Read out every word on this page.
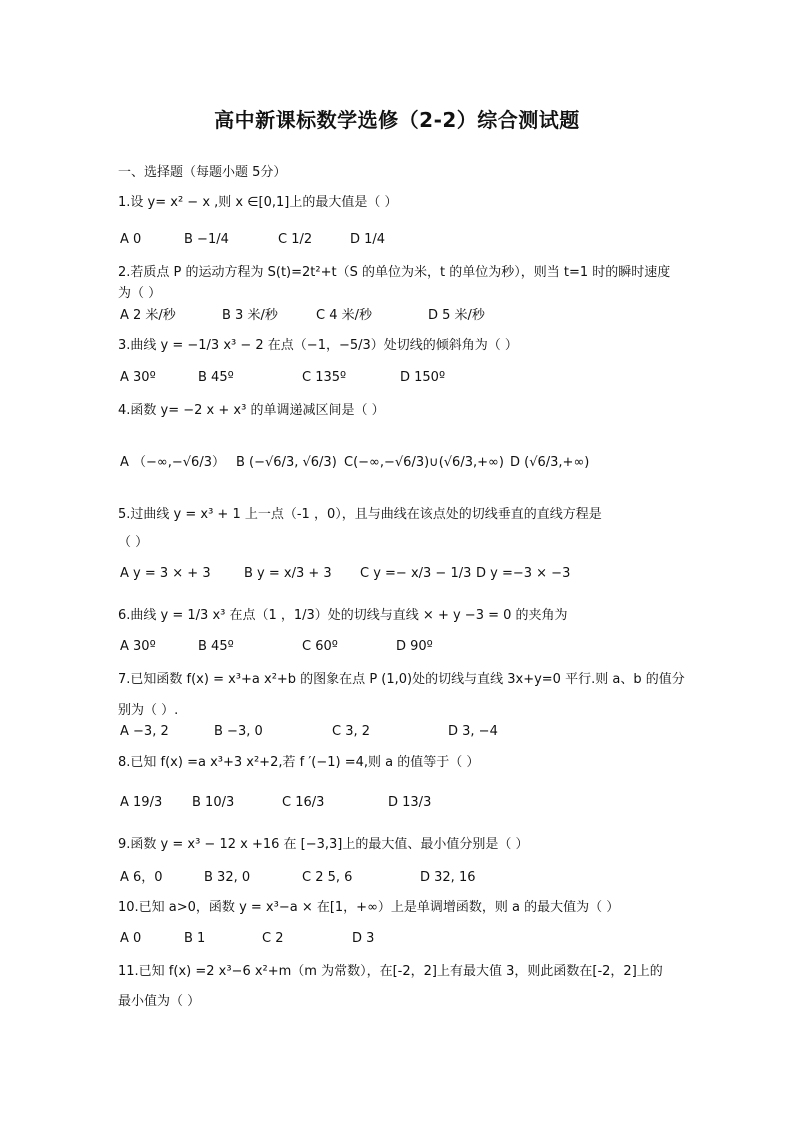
高中新课标数学选修（2-2）综合测试题
一、选择题（每题小题 5分）
1.设 y= x² − x ,则 x ∈[0,1]上的最大值是（ ）
A 0	B −1/4	C 1/2	D 1/4
2.若质点 P 的运动方程为 S(t)=2t²+t（S 的单位为米，t 的单位为秒），则当 t=1 时的瞬时速度
为（ ）
A 2 米/秒	B 3 米/秒	C 4 米/秒	D 5 米/秒
3.曲线 y = −1/3 x³ − 2 在点（−1，−5/3）处切线的倾斜角为（ ）
A 30º	B 45º	C 135º	D 150º
4.函数 y= −2 x + x³ 的单调递减区间是（ ）
A （−∞,−√6/3） B (−√6/3, √6/3) C(−∞,−√6/3)∪(√6/3,+∞) D (√6/3,+∞)
5.过曲线 y = x³ + 1 上一点（-1 ，0），且与曲线在该点处的切线垂直的直线方程是
（ ）
A y = 3 × + 3	B y = x/3 + 3 C y =− x/3 − 1/3 D y =−3 × −3
6.曲线 y = 1/3 x³ 在点（1 ，1/3）处的切线与直线 × + y −3 = 0 的夹角为
A 30º	B 45º	C 60º	D 90º
7.已知函数 f(x) = x³+a x²+b 的图象在点 P (1,0)处的切线与直线 3x+y=0 平行.则 a、b 的值分
别为（ ）.
A −3, 2	B −3, 0	C 3, 2	D 3, −4
8.已知 f(x) =a x³+3 x²+2,若 f ′(−1) =4,则 a 的值等于（ ）
A 19/3 B 10/3	C 16/3	D 13/3
9.函数 y = x³ − 12 x +16 在 [−3,3]上的最大值、最小值分别是（ ）
A 6，0	B 32, 0	C 2 5, 6	D 32, 16
10.已知 a>0，函数 y = x³−a × 在[1，+∞）上是单调增函数，则 a 的最大值为（ ）
A 0	B 1	C 2	D 3
11.已知 f(x) =2 x³−6 x²+m（m 为常数），在[-2，2]上有最大值 3，则此函数在[-2，2]上的
最小值为（ ）
